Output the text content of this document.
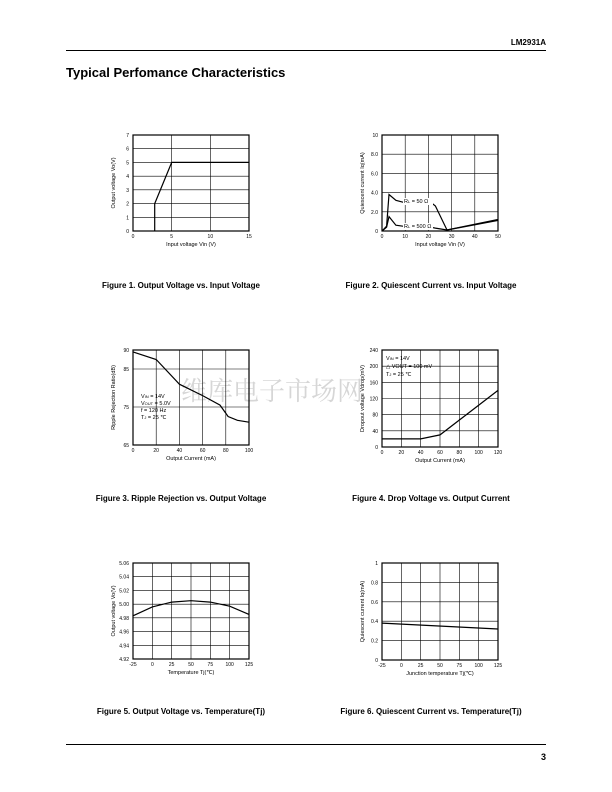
LM2931A
Typical Perfomance Characteristics
维库电子市场网
0	5	10	15
0
1
2
3
4
5
6
7
Input voltage Vin (V)
Output voltage Vo(V)
0	10	20	30	40	50
0
2.0
4.0
6.0
8.0
10
Input voltage Vin (V)
Quiescent current Iq(mA)	RL = 50 Ω
RL = 500 Ω
0	20	40	60	80	100
65
75
85
90
Output Current (mA)
Ripple Rejection Ratio(dB)	VIN = 14V
VOUT = 5.0V
f = 120 Hz
TJ = 25 ℃
0	20	40	60	80 100 120
0
40
80
120
160
200
240
Output Current (mA)
Dropout voltage Vdrop(mV)
VIN = 14V
△ VOUT = 100 mV
TJ = 25 ℃
-25	0	25	50	75 100 125
4.92
4.94
4.96
4.98
5.00
5.02
5.04
5.06
Temperature Tj(℃)
Output voltage Vo(V)
-25	0	25	50	75 100 125
0
0.2
0.4
0.6
0.8
1
Junction temperature Tj(℃)
Quiescent current Iq(mA)
Figure 1. Output Voltage vs. Input Voltage	Figure 2. Quiescent Current vs. Input Voltage
Figure 3. Ripple Rejection vs. Output Voltage	Figure 4. Drop Voltage vs. Output Current
Figure 5. Output Voltage vs. Temperature(Tj)	Figure 6. Quiescent Current vs. Temperature(Tj)
3
